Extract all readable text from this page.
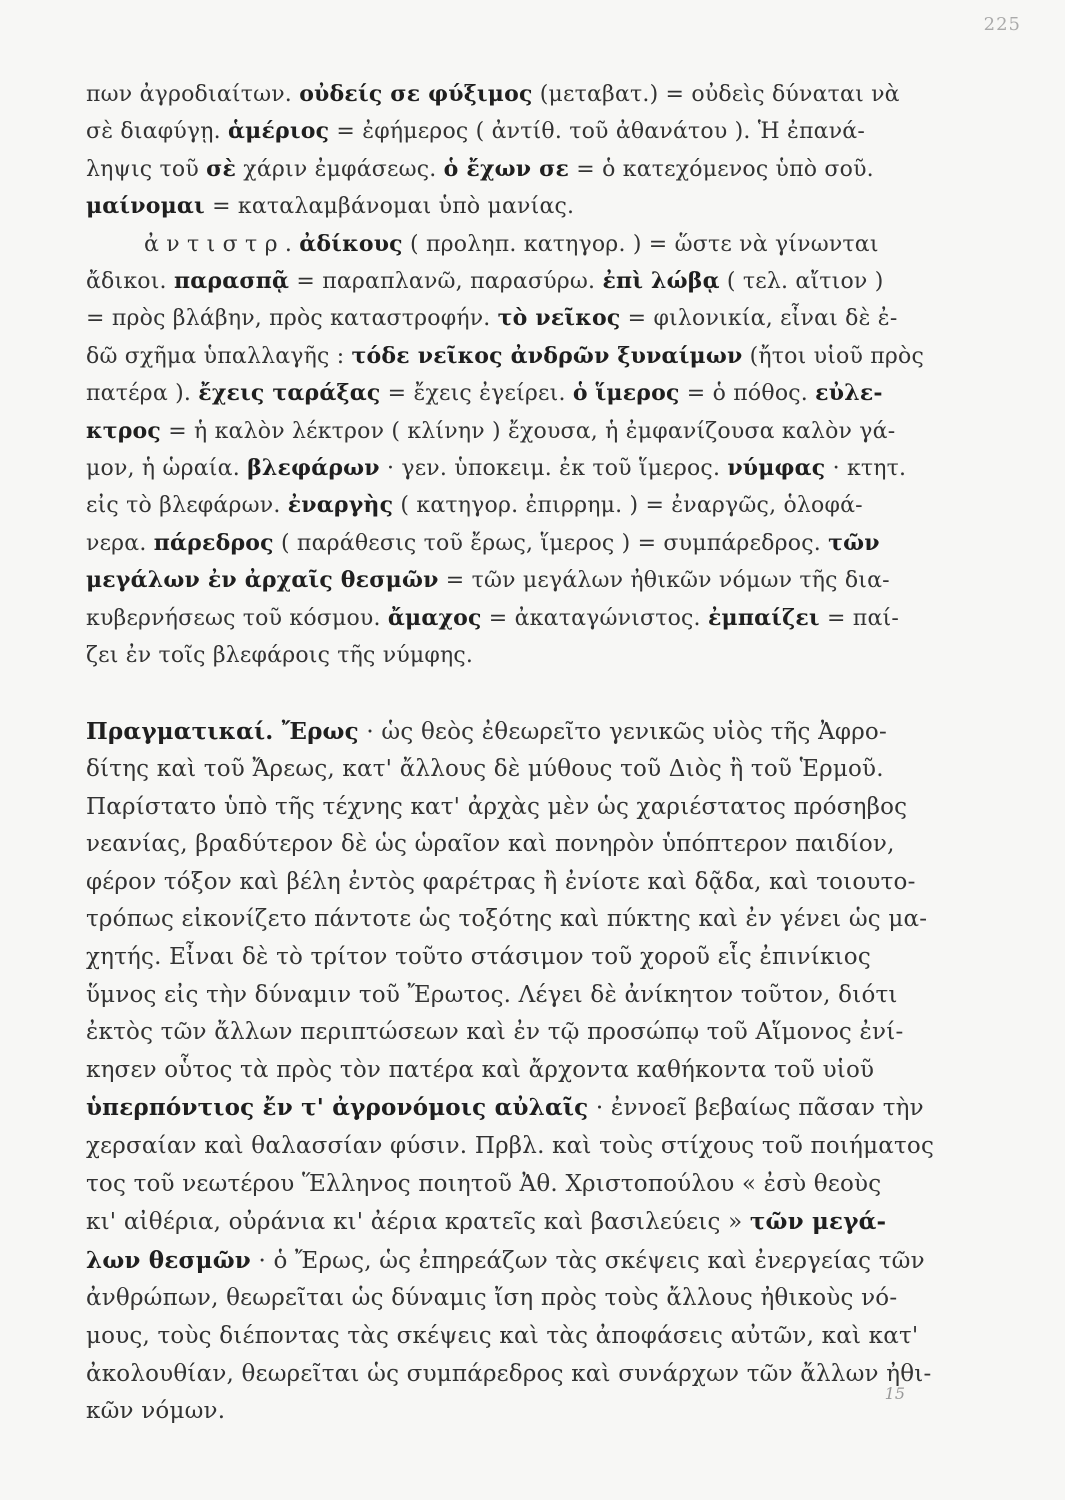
225
πων ἀγροδιαίτων. οὐδείς σε φύξιμος (μεταβατ.) = οὐδεὶς δύναται νὰ
σὲ διαφύγῃ. ἁμέριος = ἐφήμερος ( ἀντίθ. τοῦ ἀθανάτου ). Ἡ ἐπανά-
ληψις τοῦ σὲ χάριν ἐμφάσεως. ὁ ἔχων σε = ὁ κατεχόμενος ὑπὸ σοῦ.
μαίνομαι = καταλαμβάνομαι ὑπὸ μανίας.
ἀ ν τ ι σ τ ρ . ἀδίκους ( προληπ. κατηγορ. ) = ὥστε νὰ γίνωνται
ἄδικοι. παρασπᾷ = παραπλανῶ, παρασύρω. ἐπὶ λώβᾳ ( τελ. αἴτιον )
= πρὸς βλάβην, πρὸς καταστροφήν. τὸ νεῖκος = φιλονικία, εἶναι δὲ ἐ-
δῶ σχῆμα ὑπαλλαγῆς : τόδε νεῖκος ἀνδρῶν ξυναίμων (ἤτοι υἱοῦ πρὸς
πατέρα ). ἔχεις ταράξας = ἔχεις ἐγείρει. ὁ ἵμερος = ὁ πόθος. εὐλε-
κτρος = ἡ καλὸν λέκτρον ( κλίνην ) ἔχουσα, ἡ ἐμφανίζουσα καλὸν γά-
μον, ἡ ὡραία. βλεφάρων · γεν. ὑποκειμ. ἐκ τοῦ ἵμερος. νύμφας · κτητ.
εἰς τὸ βλεφάρων. ἐναργὴς ( κατηγορ. ἐπιρρημ. ) = ἐναργῶς, ὁλοφά-
νερα. πάρεδρος ( παράθεσις τοῦ ἔρως, ἵμερος ) = συμπάρεδρος. τῶν
μεγάλων ἐν ἀρχαῖς θεσμῶν = τῶν μεγάλων ἠθικῶν νόμων τῆς δια-
κυβερνήσεως τοῦ κόσμου. ἄμαχος = ἀκαταγώνιστος. ἐμπαίζει = παί-
ζει ἐν τοῖς βλεφάροις τῆς νύμφης.
Πραγματικαί. Ἔρως · ὡς θεὸς ἐθεωρεῖτο γενικῶς υἱὸς τῆς Ἀφρο-
δίτης καὶ τοῦ Ἄρεως, κατ' ἄλλους δὲ μύθους τοῦ Διὸς ἢ τοῦ Ἑρμοῦ.
Παρίστατο ὑπὸ τῆς τέχνης κατ' ἀρχὰς μὲν ὡς χαριέστατος πρόσηβος
νεανίας, βραδύτερον δὲ ὡς ὡραῖον καὶ πονηρὸν ὑπόπτερον παιδίον,
φέρον τόξον καὶ βέλη ἐντὸς φαρέτρας ἢ ἐνίοτε καὶ δᾷδα, καὶ τοιουτο-
τρόπως εἰκονίζετο πάντοτε ὡς τοξότης καὶ πύκτης καὶ ἐν γένει ὡς μα-
χητής. Εἶναι δὲ τὸ τρίτον τοῦτο στάσιμον τοῦ χοροῦ εἷς ἐπινίκιος
ὕμνος εἰς τὴν δύναμιν τοῦ Ἔρωτος. Λέγει δὲ ἀνίκητον τοῦτον, διότι
ἐκτὸς τῶν ἄλλων περιπτώσεων καὶ ἐν τῷ προσώπῳ τοῦ Αἵμονος ἐνί-
κησεν οὗτος τὰ πρὸς τὸν πατέρα καὶ ἄρχοντα καθήκοντα τοῦ υἱοῦ
ὑπερπόντιος ἔν τ' ἀγρονόμοις αὐλαῖς · ἐννοεῖ βεβαίως πᾶσαν τὴν
χερσαίαν καὶ θαλασσίαν φύσιν. Πρβλ. καὶ τοὺς στίχους τοῦ ποιήματος
τος τοῦ νεωτέρου Ἕλληνος ποιητοῦ Ἀθ. Χριστοπούλου « ἐσὺ θεοὺς
κι' αἰθέρια, οὐράνια κι' ἀέρια κρατεῖς καὶ βασιλεύεις » τῶν μεγά-
λων θεσμῶν · ὁ Ἔρως, ὡς ἐπηρεάζων τὰς σκέψεις καὶ ἐνεργείας τῶν
ἀνθρώπων, θεωρεῖται ὡς δύναμις ἴση πρὸς τοὺς ἄλλους ἠθικοὺς νό-
μους, τοὺς διέποντας τὰς σκέψεις καὶ τὰς ἀποφάσεις αὐτῶν, καὶ κατ'
ἀκολουθίαν, θεωρεῖται ὡς συμπάρεδρος καὶ συνάρχων τῶν ἄλλων ἠθι-
κῶν νόμων.
15
